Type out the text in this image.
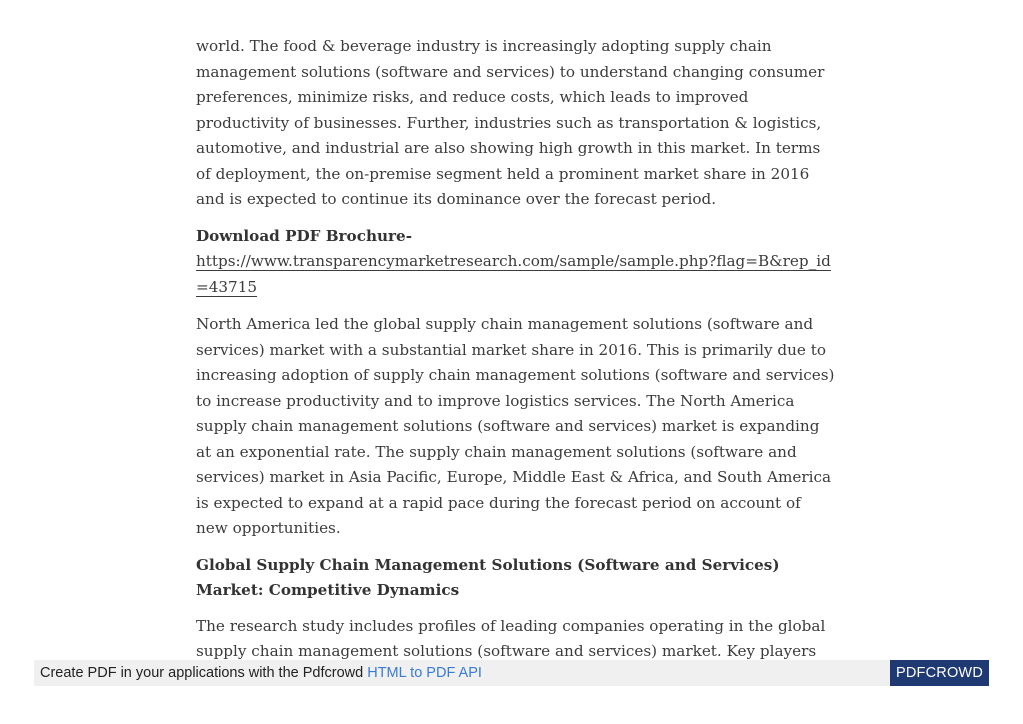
world. The food & beverage industry is increasingly adopting supply chain management solutions (software and services) to understand changing consumer preferences, minimize risks, and reduce costs, which leads to improved productivity of businesses. Further, industries such as transportation & logistics, automotive, and industrial are also showing high growth in this market. In terms of deployment, the on-premise segment held a prominent market share in 2016 and is expected to continue its dominance over the forecast period.

Download PDF Brochure-
https://www.transparencymarketresearch.com/sample/sample.php?flag=B&rep_id=43715

North America led the global supply chain management solutions (software and services) market with a substantial market share in 2016. This is primarily due to increasing adoption of supply chain management solutions (software and services) to increase productivity and to improve logistics services. The North America supply chain management solutions (software and services) market is expanding at an exponential rate. The supply chain management solutions (software and services) market in Asia Pacific, Europe, Middle East & Africa, and South America is expected to expand at a rapid pace during the forecast period on account of new opportunities.

Global Supply Chain Management Solutions (Software and Services) Market: Competitive Dynamics

The research study includes profiles of leading companies operating in the global supply chain management solutions (software and services) market. Key players

Create PDF in your applications with the Pdfcrowd HTML to PDF API	PDFCROWD
